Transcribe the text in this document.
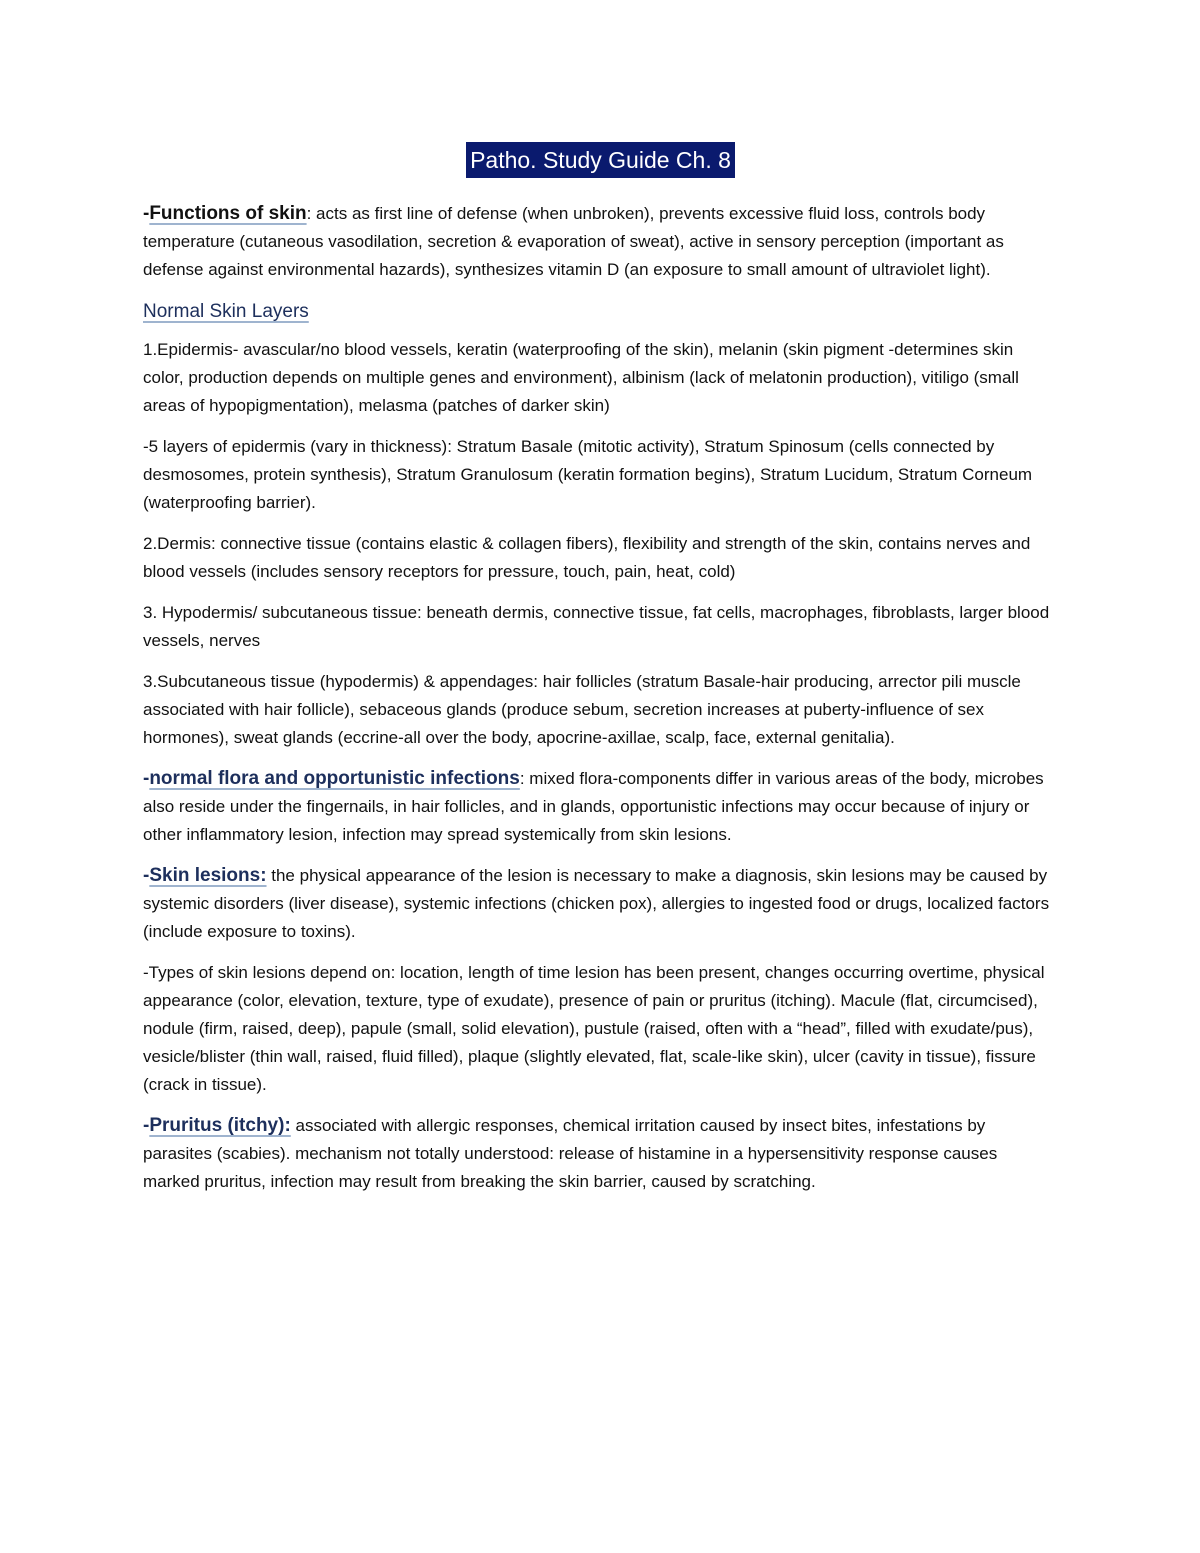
Patho. Study Guide Ch. 8

-Functions of skin: acts as first line of defense (when unbroken), prevents excessive fluid loss, controls body temperature (cutaneous vasodilation, secretion & evaporation of sweat), active in sensory perception (important as defense against environmental hazards), synthesizes vitamin D (an exposure to small amount of ultraviolet light).

Normal Skin Layers

1.Epidermis- avascular/no blood vessels, keratin (waterproofing of the skin), melanin (skin pigment -determines skin color, production depends on multiple genes and environment), albinism (lack of melatonin production), vitiligo (small areas of hypopigmentation), melasma (patches of darker skin)

-5 layers of epidermis (vary in thickness): Stratum Basale (mitotic activity), Stratum Spinosum (cells connected by desmosomes, protein synthesis), Stratum Granulosum (keratin formation begins), Stratum Lucidum, Stratum Corneum (waterproofing barrier).

2.Dermis: connective tissue (contains elastic & collagen fibers), flexibility and strength of the skin, contains nerves and blood vessels (includes sensory receptors for pressure, touch, pain, heat, cold)

3. Hypodermis/ subcutaneous tissue: beneath dermis, connective tissue, fat cells, macrophages, fibroblasts, larger blood vessels, nerves

3.Subcutaneous tissue (hypodermis) & appendages: hair follicles (stratum Basale-hair producing, arrector pili muscle associated with hair follicle), sebaceous glands (produce sebum, secretion increases at puberty-influence of sex hormones), sweat glands (eccrine-all over the body, apocrine-axillae, scalp, face, external genitalia).

-normal flora and opportunistic infections: mixed flora-components differ in various areas of the body, microbes also reside under the fingernails, in hair follicles, and in glands, opportunistic infections may occur because of injury or other inflammatory lesion, infection may spread systemically from skin lesions.

-Skin lesions: the physical appearance of the lesion is necessary to make a diagnosis, skin lesions may be caused by systemic disorders (liver disease), systemic infections (chicken pox), allergies to ingested food or drugs, localized factors (include exposure to toxins).

-Types of skin lesions depend on: location, length of time lesion has been present, changes occurring overtime, physical appearance (color, elevation, texture, type of exudate), presence of pain or pruritus (itching). Macule (flat, circumcised), nodule (firm, raised, deep), papule (small, solid elevation), pustule (raised, often with a “head”, filled with exudate/pus), vesicle/blister (thin wall, raised, fluid filled), plaque (slightly elevated, flat, scale-like skin), ulcer (cavity in tissue), fissure (crack in tissue).

-Pruritus (itchy): associated with allergic responses, chemical irritation caused by insect bites, infestations by parasites (scabies). mechanism not totally understood: release of histamine in a hypersensitivity response causes marked pruritus, infection may result from breaking the skin barrier, caused by scratching.
